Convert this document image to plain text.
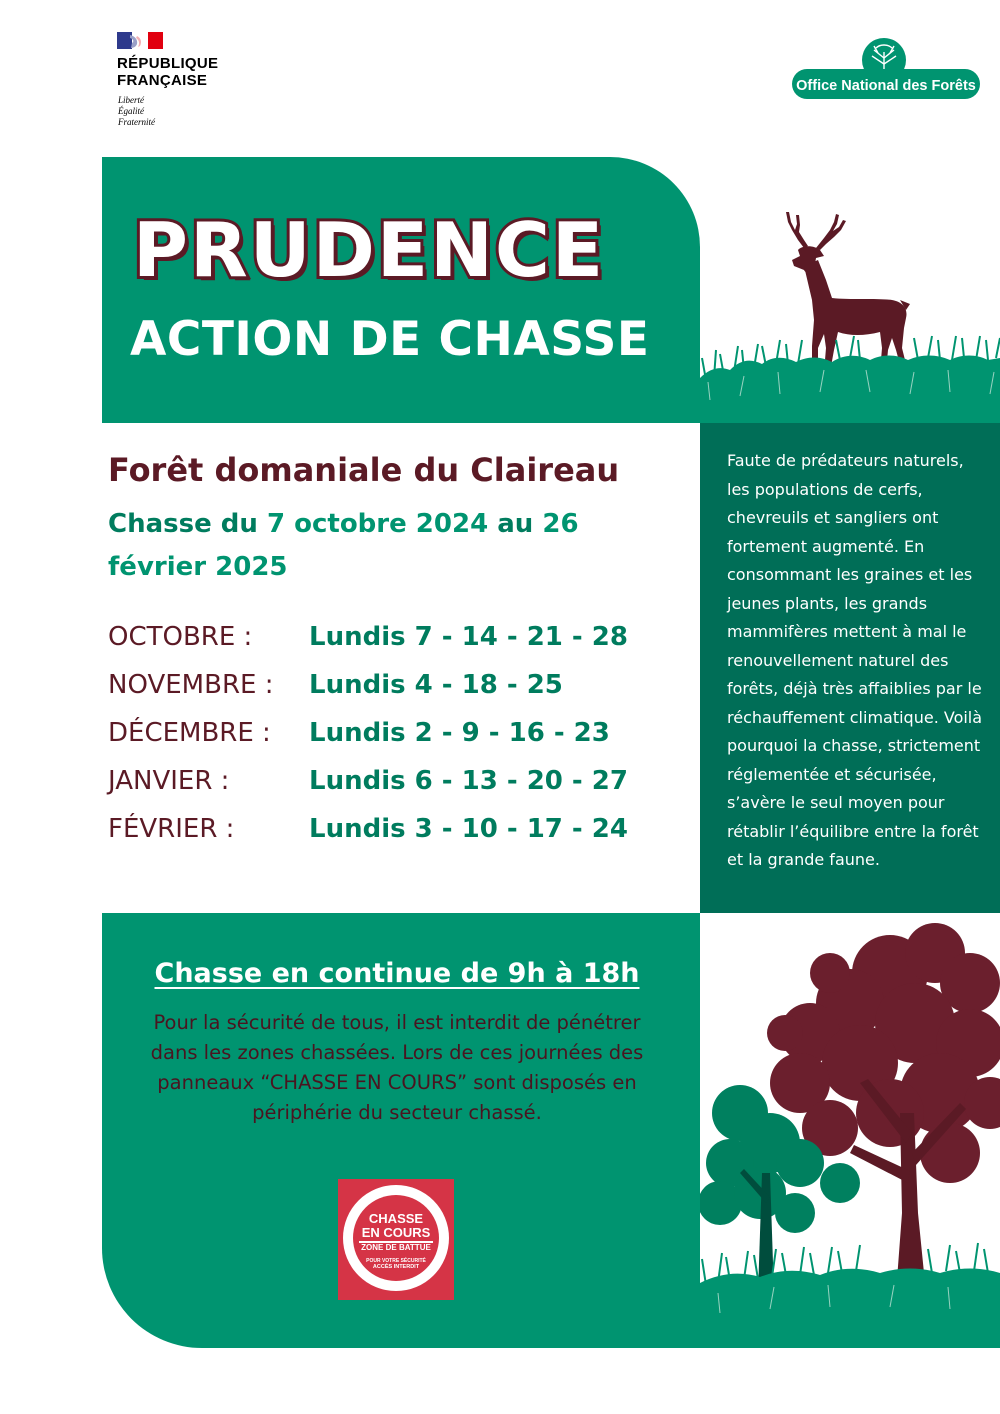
RÉPUBLIQUE
FRANÇAISE
Liberté
Égalité
Fraternité
Office National des Forêts
PRUDENCE
ACTION DE CHASSE
Forêt domaniale du Claireau
Chasse du 7 octobre 2024 au 26 février 2025
OCTOBRE : Lundis 7 - 14 - 21 - 28
NOVEMBRE : Lundis 4 - 18 - 25
DÉCEMBRE : Lundis 2 - 9 - 16 - 23
JANVIER :	Lundis 6 - 13 - 20 - 27
FÉVRIER :	Lundis 3 - 10 - 17 - 24
Faute de prédateurs naturels, les populations de cerfs, chevreuils et sangliers ont fortement augmenté. En consommant les graines et les jeunes plants, les grands mammifères mettent à mal le renouvellement naturel des forêts, déjà très affaiblies par le réchauffement climatique. Voilà pourquoi la chasse, strictement réglementée et sécurisée, s’avère le seul moyen pour rétablir l’équilibre entre la forêt et la grande faune.
Chasse en continue de 9h à 18h
Pour la sécurité de tous, il est interdit de pénétrer dans les zones chassées. Lors de ces journées des panneaux “CHASSE EN COURS” sont disposés en périphérie du secteur chassé.
CHASSE
EN COURS
ZONE DE BATTUE
POUR VOTRE SÉCURITÉ
ACCÈS INTERDIT
